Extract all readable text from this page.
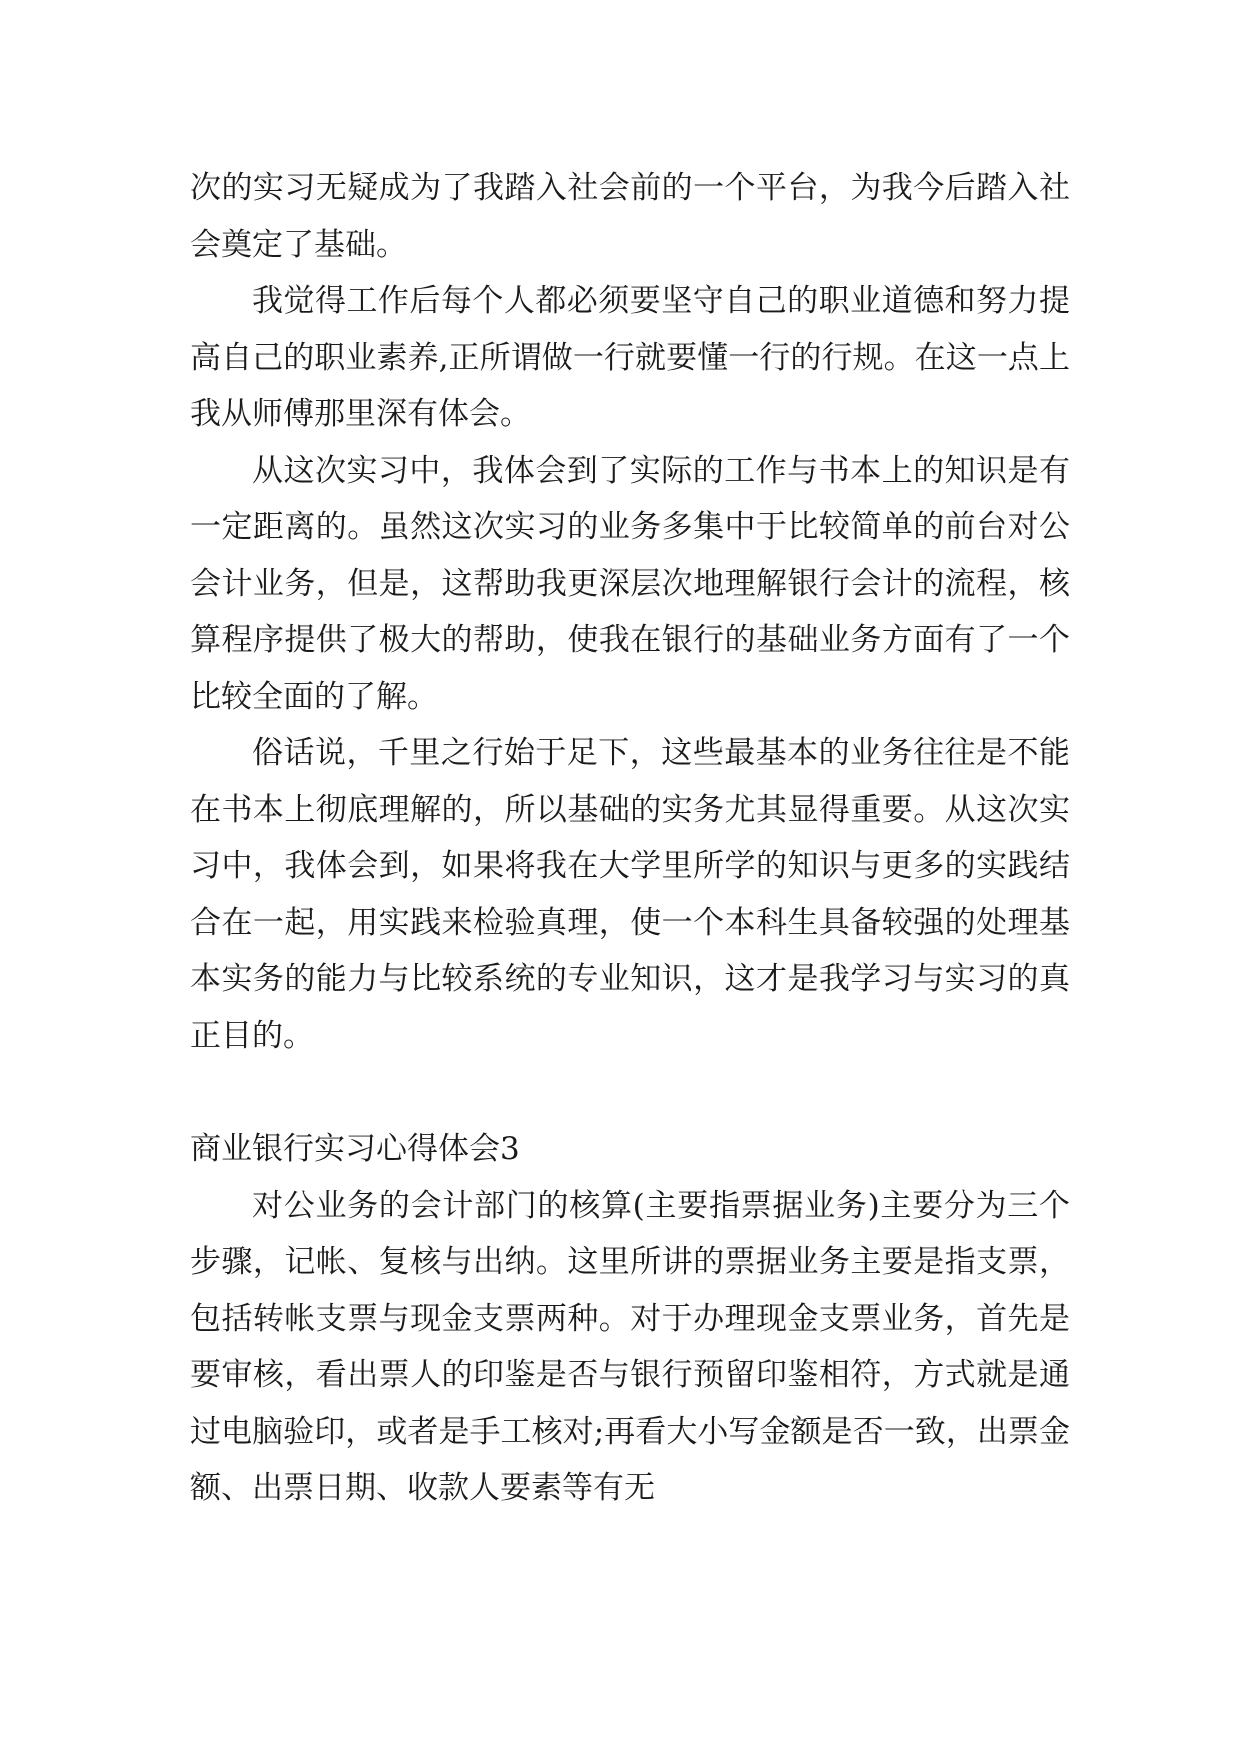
次的实习无疑成为了我踏入社会前的一个平台，为我今后踏入社会奠定了基础。

我觉得工作后每个人都必须要坚守自己的职业道德和努力提高自己的职业素养,正所谓做一行就要懂一行的行规。在这一点上我从师傅那里深有体会。

从这次实习中，我体会到了实际的工作与书本上的知识是有一定距离的。虽然这次实习的业务多集中于比较简单的前台对公会计业务，但是，这帮助我更深层次地理解银行会计的流程，核算程序提供了极大的帮助，使我在银行的基础业务方面有了一个比较全面的了解。

俗话说，千里之行始于足下，这些最基本的业务往往是不能在书本上彻底理解的，所以基础的实务尤其显得重要。从这次实习中，我体会到，如果将我在大学里所学的知识与更多的实践结合在一起，用实践来检验真理，使一个本科生具备较强的处理基本实务的能力与比较系统的专业知识，这才是我学习与实习的真正目的。

商业银行实习心得体会3

对公业务的会计部门的核算(主要指票据业务)主要分为三个步骤，记帐、复核与出纳。这里所讲的票据业务主要是指支票，包括转帐支票与现金支票两种。对于办理现金支票业务，首先是要审核，看出票人的印鉴是否与银行预留印鉴相符，方式就是通过电脑验印，或者是手工核对;再看大小写金额是否一致，出票金额、出票日期、收款人要素等有无
